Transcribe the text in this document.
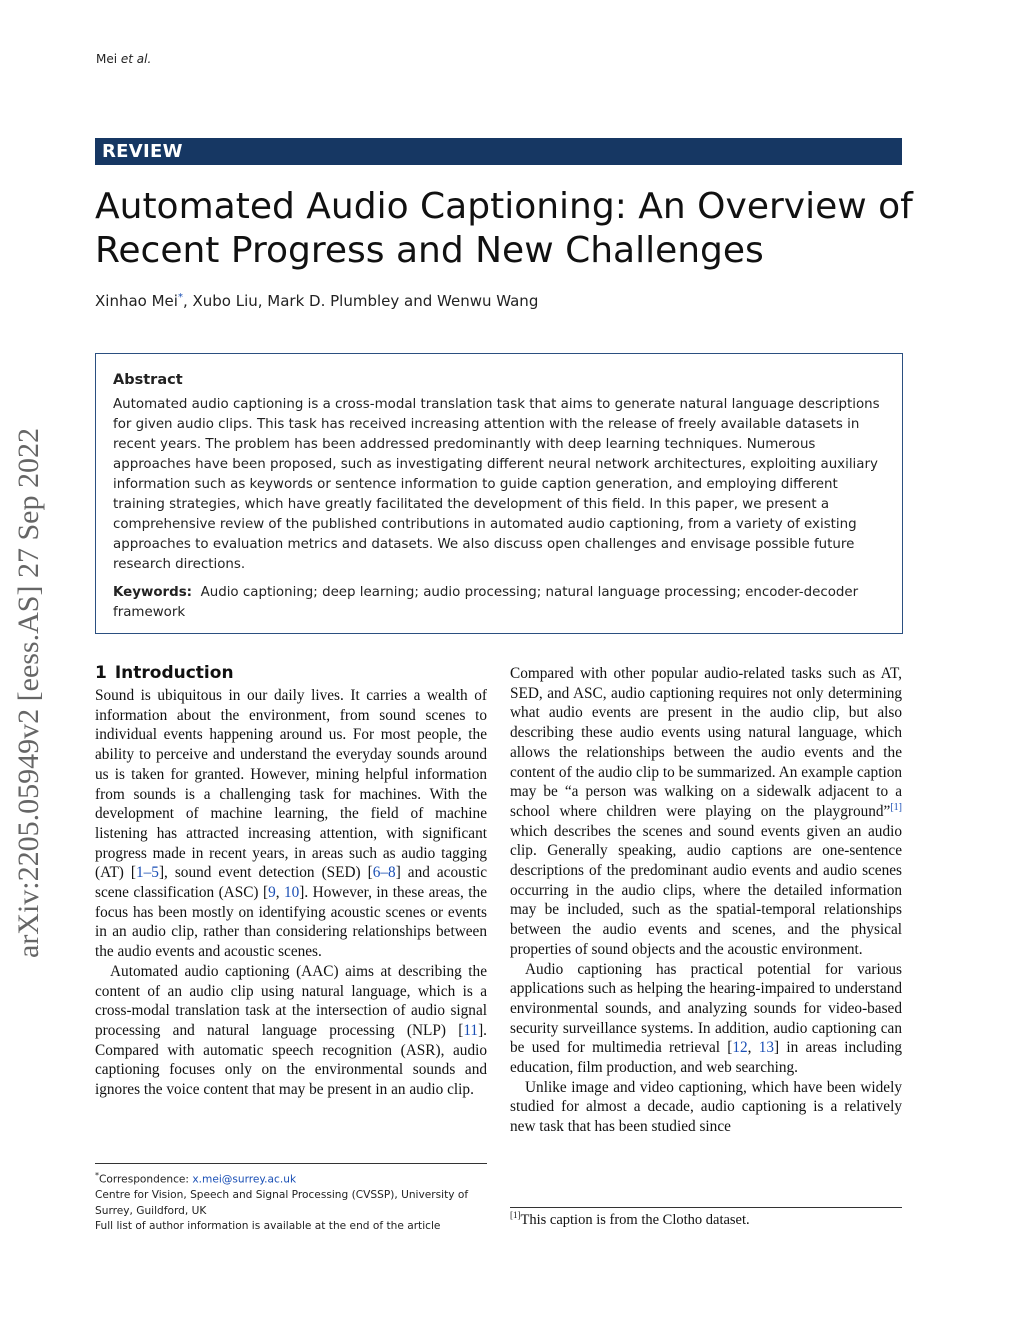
Mei et al.
arXiv:2205.05949v2 [eess.AS] 27 Sep 2022
REVIEW
Automated Audio Captioning: An Overview of
Recent Progress and New Challenges
Xinhao Mei*, Xubo Liu, Mark D. Plumbley and Wenwu Wang
Abstract

Automated audio captioning is a cross-modal translation task that aims to generate natural language descriptions for given audio clips. This task has received increasing attention with the release of freely available datasets in recent years. The problem has been addressed predominantly with deep learning techniques. Numerous approaches have been proposed, such as investigating different neural network architectures, exploiting auxiliary information such as keywords or sentence information to guide caption generation, and employing different training strategies, which have greatly facilitated the development of this field. In this paper, we present a comprehensive review of the published contributions in automated audio captioning, from a variety of existing approaches to evaluation metrics and datasets. We also discuss open challenges and envisage possible future research directions.

Keywords: Audio captioning; deep learning; audio processing; natural language processing; encoder-decoder framework
1 Introduction

Sound is ubiquitous in our daily lives. It carries a wealth of information about the environment, from sound scenes to individual events happening around us. For most people, the ability to perceive and understand the everyday sounds around us is taken for granted. However, mining helpful information from sounds is a challenging task for machines. With the development of machine learning, the field of machine listening has attracted increasing attention, with significant progress made in recent years, in areas such as audio tagging (AT) [1–5], sound event detection (SED) [6–8] and acoustic scene classification (ASC) [9, 10]. However, in these areas, the focus has been mostly on identifying acoustic scenes or events in an audio clip, rather than considering relationships between the audio events and acoustic scenes.

Automated audio captioning (AAC) aims at describing the content of an audio clip using natural language, which is a cross-modal translation task at the intersection of audio signal processing and natural language processing (NLP) [11]. Compared with automatic speech recognition (ASR), audio captioning focuses only on the environmental sounds and ignores the voice content that may be present in an audio clip.

Compared with other popular audio-related tasks such as AT, SED, and ASC, audio captioning requires not only determining what audio events are present in the audio clip, but also describing these audio events using natural language, which allows the relationships between the audio events and the content of the audio clip to be summarized. An example caption may be “a person was walking on a sidewalk adjacent to a school where children were playing on the playground”[1] which describes the scenes and sound events given an audio clip. Generally speaking, audio captions are one-sentence descriptions of the predominant audio events and audio scenes occurring in the audio clips, where the detailed information may be included, such as the spatial-temporal relationships between the audio events and scenes, and the physical properties of sound objects and the acoustic environment.

Audio captioning has practical potential for various applications such as helping the hearing-impaired to understand environmental sounds, and analyzing sounds for video-based security surveillance systems. In addition, audio captioning can be used for multimedia retrieval [12, 13] in areas including education, film production, and web searching.

Unlike image and video captioning, which have been widely studied for almost a decade, audio captioning is a relatively new task that has been studied since

*Correspondence: x.mei@surrey.ac.uk
Centre for Vision, Speech and Signal Processing (CVSSP), University of Surrey, Guildford, UK
Full list of author information is available at the end of the article
[1]This caption is from the Clotho dataset.
